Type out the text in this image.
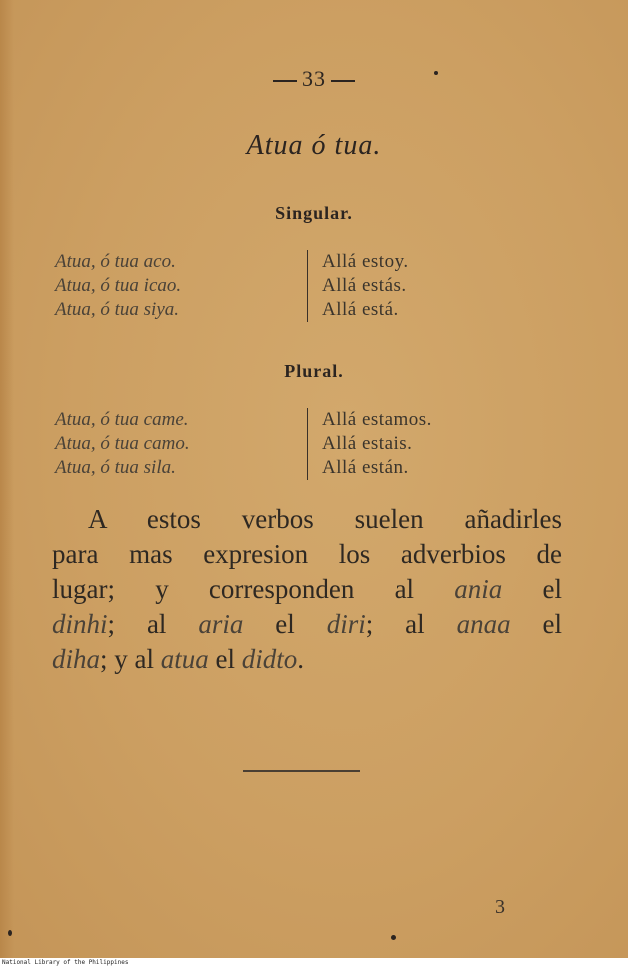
33
Atua ó tua.
Singular.
Atua, ó tua aco.	Allá estoy.
Atua, ó tua icao.	Allá estás.
Atua, ó tua siya.	Allá está.
Plural.
Atua, ó tua came.	Allá estamos.
Atua, ó tua camo.	Allá estais.
Atua, ó tua sila.	Allá están.
A estos verbos suelen añadirles
para mas expresion los adverbios de
lugar; y corresponden al ania el
dinhi; al aria el diri; al anaa el
diha; y al atua el didto.
3
National Library of the Philippines
